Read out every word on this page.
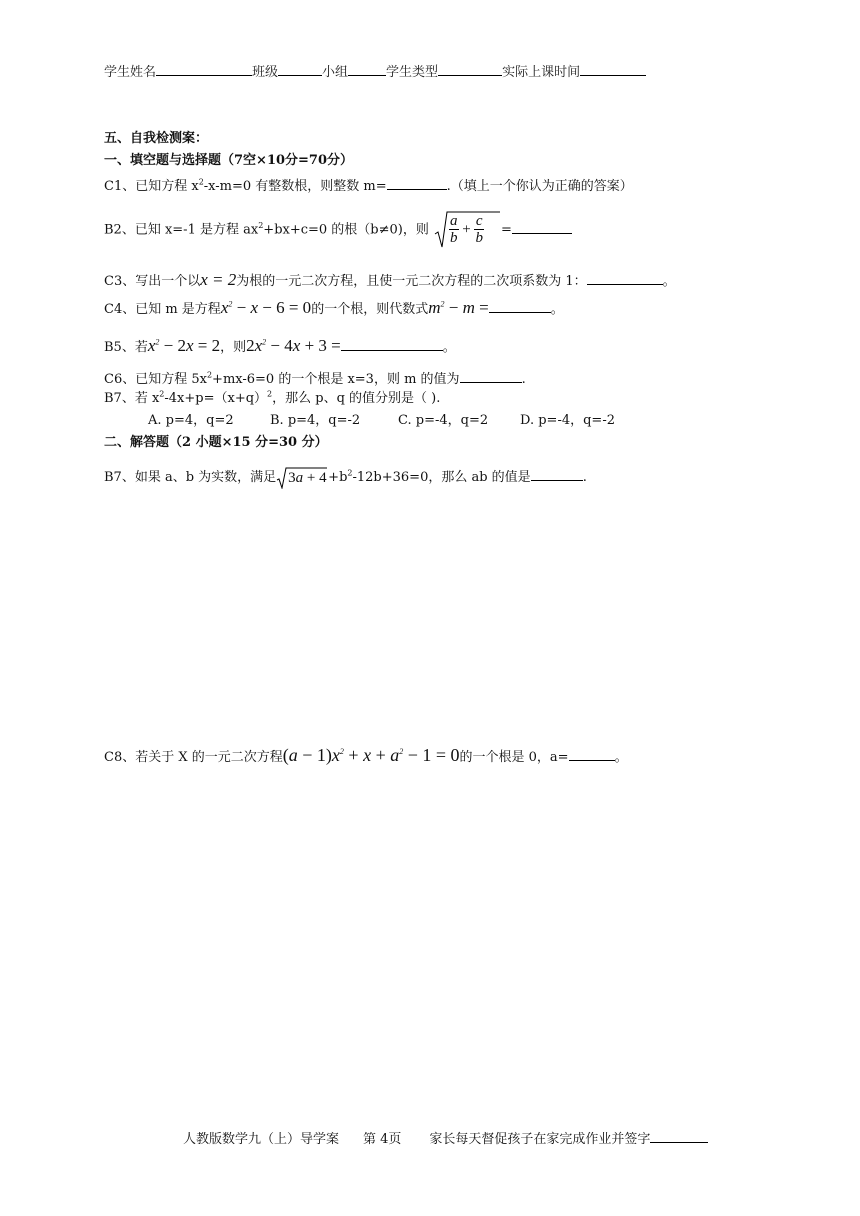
学生姓名	班级	小组	学生类型	实际上课时间
五、自我检测案：
一、填空题与选择题（7空×10分=70分）
C1、已知方程 $x^2-x-m=0$ 有整数根，则整数 m=	.（填上一个你认为正确的答案）
B2、已知 x=-1 是方程 $ax^2+bx+c=0$ 的根（b≠0)，则 $\frac{a}{b} + \frac{c}{b}$ =
C3、写出一个以x = 2为根的一元二次方程，且使一元二次方程的二次项系数为 1：	。
C4、已知 m 是方程$x^2 - x - 6 = 0$的一个根，则代数式$m^2 - m$ =	。
B5、若$x^2 - 2x = 2$，则$2x^2 - 4x + 3$ =	。
C6、已知方程 $5x^2+mx-6=0$ 的一个根是 x=3，则 m 的值为	.
B7、若 $x^2-4x+p=(x+q)^2$，那么 p、q 的值分别是（ ).
A. p=4，q=2	B. p=4，q=-2	C. p=-4，q=2 D. p=-4，q=-2
二、解答题（2 小题×15 分=30 分）
B7、如果 a、b 为实数，满足 $3a + 4 +b^2-12b+36=0$，那么 ab 的值是	.
C8、若关于 X 的一元二次方程$(a - 1)x^2 + x + a^2 - 1 = 0$的一个根是 0，a=	。
人教版数学九（上）导学案 第 4页 家长每天督促孩子在家完成作业并签字
